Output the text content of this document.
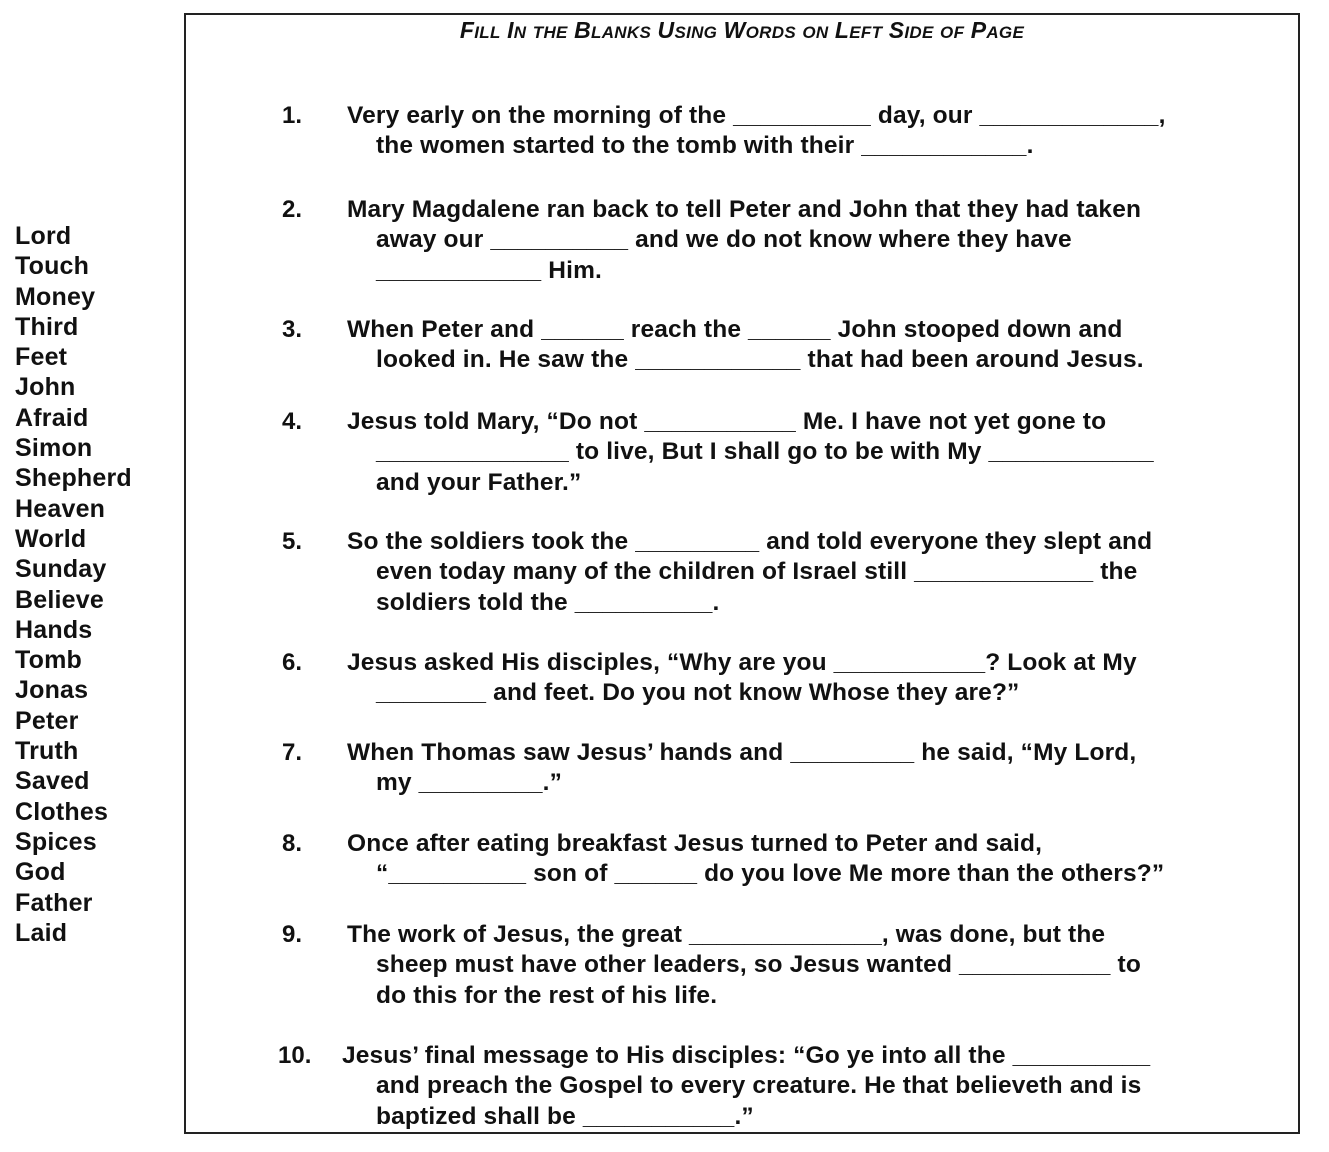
Lord
Touch
Money
Third
Feet
John
Afraid
Simon
Shepherd
Heaven
World
Sunday
Believe
Hands
Tomb
Jonas
Peter
Truth
Saved
Clothes
Spices
God
Father
Laid
FILL IN THE BLANKS USING WORDS ON LEFT SIDE OF PAGE
1. Very early on the morning of the __________ day, our _____________,
the women started to the tomb with their ____________.
2. Mary Magdalene ran back to tell Peter and John that they had taken
away our __________ and we do not know where they have
____________ Him.
3. When Peter and ______ reach the ______ John stooped down and
looked in. He saw the ____________ that had been around Jesus.
4. Jesus told Mary, “Do not ___________ Me. I have not yet gone to
______________ to live, But I shall go to be with My ____________
and your Father.”
5. So the soldiers took the _________ and told everyone they slept and
even today many of the children of Israel still _____________ the
soldiers told the __________.
6. Jesus asked His disciples, “Why are you ___________? Look at My
________ and feet. Do you not know Whose they are?”
7. When Thomas saw Jesus’ hands and _________ he said, “My Lord,
my _________.”
8. Once after eating breakfast Jesus turned to Peter and said,
“__________ son of ______ do you love Me more than the others?”
9. The work of Jesus, the great ______________, was done, but the
sheep must have other leaders, so Jesus wanted ___________ to
do this for the rest of his life.
10. Jesus’ final message to His disciples: “Go ye into all the __________
and preach the Gospel to every creature. He that believeth and is
baptized shall be ___________.”
